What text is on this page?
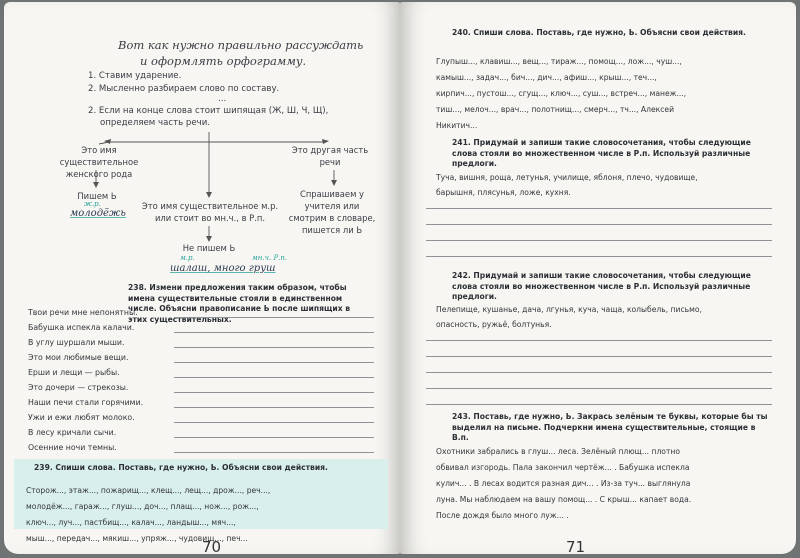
Вот как нужно правильно рассуждать
и оформлять орфограмму.
1. Ставим ударение.
2. Мысленно разбираем слово по составу.
...
2. Если на конце слова стоит шипящая (Ж, Ш, Ч, Щ),
определяем часть речи.
Это имя существительное женского рода
Пишем Ь
ж.р.
молодёжь
Это другая часть речи
Спрашиваем у учителя или смотрим в словаре, пишется ли Ь
Это имя существительное м.р. или стоит во мн.ч., в Р.п.
Не пишем Ь
м.р.	мн.ч. Р.п.
шалаш, много груш
238. Измени предложения таким образом, чтобы имена существительные стояли в единственном числе. Объясни правописание Ь после шипящих в этих существительных.
Твои речи мне непонятны.
Бабушка испекла калачи.
В углу шуршали мыши.
Это мои любимые вещи.
Ерши и лещи — рыбы.
Это дочери — стрекозы.
Наши печи стали горячими.
Ужи и ежи любят молоко.
В лесу кричали сычи.
Осенние ночи темны.
239. Спиши слова. Поставь, где нужно, Ь. Объясни свои действия.
Сторож..., этаж..., пожарищ..., клещ..., лещ..., дрож..., реч...,
молодёж..., гараж..., глуш..., доч..., плащ..., нож..., рож...,
ключ..., луч..., пастбищ..., калач..., ландыш..., мяч...,
мыш..., передач..., мякиш..., упряж..., чудовищ..., печ...
70
240. Спиши слова. Поставь, где нужно, Ь. Объясни свои действия.
Глупыш..., клавиш..., вещ..., тираж..., помощ..., лож..., чуш...,
камыш..., задач..., бич..., дич..., афиш..., крыш..., теч...,
кирпич..., пустош..., сгущ..., ключ..., суш..., встреч..., манеж...,
тиш..., мелоч..., врач..., полотнищ..., смерч..., тч..., Алексей
Никитич...
241. Придумай и запиши такие словосочетания, чтобы следующие слова стояли во множественном числе в Р.п. Используй различные предлоги.
Туча, вишня, роща, летунья, училище, яблоня, плечо, чудовище,
барышня, плясунья, ложе, кухня.
242. Придумай и запиши такие словосочетания, чтобы следующие слова стояли во множественном числе в Р.п. Используй различные предлоги.
Пелепище, кушанье, дача, лгунья, куча, чаща, колыбель, письмо,
опасность, ружьё, болтунья.
243. Поставь, где нужно, Ь. Закрась зелёным те буквы, которые бы ты выделил на письме. Подчеркни имена существительные, стоящие в В.п.
Охотники забрались в глуш... леса. Зелёный плющ... плотно
обвивал изгородь. Пала закончил чертёж... . Бабушка испекла
кулич... . В лесах водится разная дич... . Из-за туч... выглянула
луна. Мы наблюдаем на вашу помощ... . С крыш... капает вода.
После дождя было много луж... .
71
